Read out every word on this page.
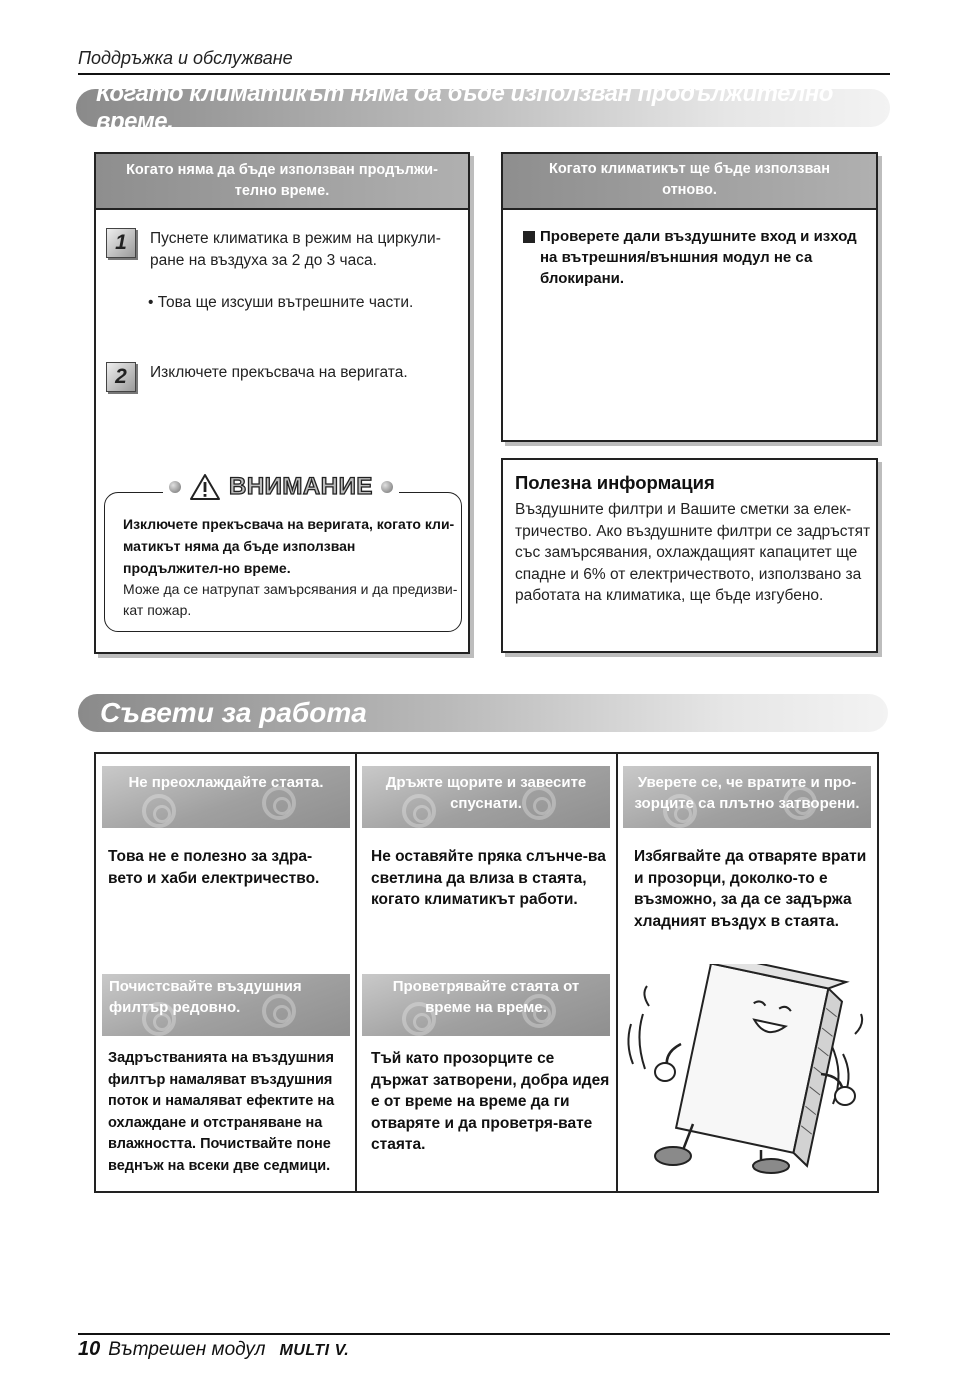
Поддръжка и обслужване
Когато климатикът няма да бъде използван продължително време.
Когато няма да бъде използван продължи-
телно време.
1	Пуснете климатика в режим на циркули-ране на въздуха за 2 до 3 часа.
• Това ще изсуши вътрешните части.
2	Изключете прекъсвача на веригата.
ВНИМАНИЕ
Изключете прекъсвача на веригата, когато кли-матикът няма да бъде използван продължител-но време.
Може да се натрупат замърсявания и да предизви-кат пожар.
Когато климатикът ще бъде използван
отново.
Проверете дали въздушните вход и изход на вътрешния/външния модул не са блокирани.
Полезна информация
Въздушните филтри и Вашите сметки за елек-тричество. Ако въздушните филтри се задръстят със замърсявания, охлаждащият капацитет ще спадне и 6% от електричеството, използвано за работата на климатика, ще бъде изгубено.
Съвети за работа
Не преохлаждайте стаята.
Това не е полезно за здра-вето и хаби електричество.
Дръжте щорите и завесите спуснати.
Не оставяйте пряка слънче-ва светлина да влиза в стаята, когато климатикът работи.
Уверете се, че вратите и про-зорците са плътно затворени.
Избягвайте да отваряте врати и прозорци, доколко-то е възможно, за да се задържа хладният въздух в стаята.
Почистсвайте въздушния филтър редовно.
Задръстванията на въздушния филтър намаляват въздушния поток и намаляват ефектите на охлаждане и отстраняване на влажността. Почиствайте поне веднъж на всеки две седмици.
Проветрявайте стаята от време на време.
Тъй като прозорците се държат затворени, добра идея е от време на време да ги отваряте и да проветря-вате стаята.
10 Вътрешен модул MULTI V.
